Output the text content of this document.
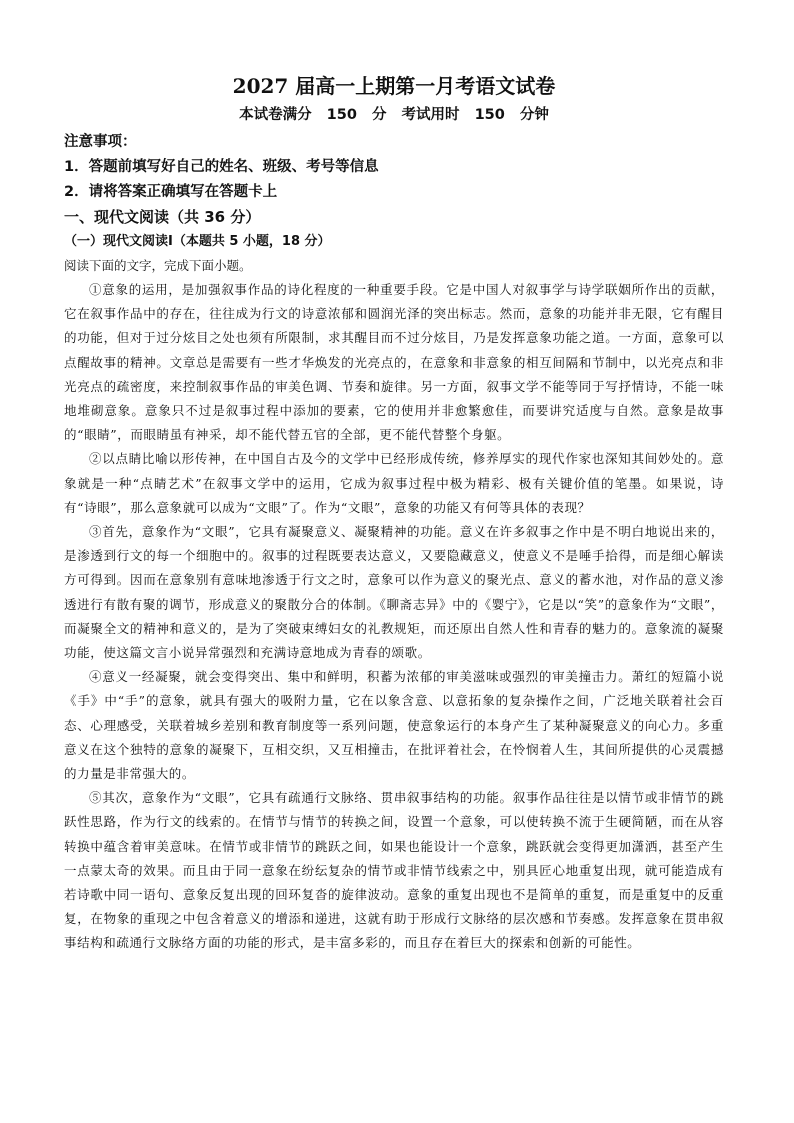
2027 届高一上期第一月考语文试卷
本试卷满分 150 分 考试用时 150 分钟
注意事项：
1．答题前填写好自己的姓名、班级、考号等信息
2．请将答案正确填写在答题卡上
一、现代文阅读（共 36 分）
（一）现代文阅读Ⅰ（本题共 5 小题，18 分）

阅读下面的文字，完成下面小题。

①意象的运用，是加强叙事作品的诗化程度的一种重要手段。它是中国人对叙事学与诗学联姻所作出的贡献，它在叙事作品中的存在，往往成为行文的诗意浓郁和圆润光泽的突出标志。然而，意象的功能并非无限，它有醒目的功能，但对于过分炫目之处也须有所限制，求其醒目而不过分炫目，乃是发挥意象功能之道。一方面，意象可以点醒故事的精神。文章总是需要有一些才华焕发的光亮点的，在意象和非意象的相互间隔和节制中，以光亮点和非光亮点的疏密度，来控制叙事作品的审美色调、节奏和旋律。另一方面，叙事文学不能等同于写抒情诗，不能一味地堆砌意象。意象只不过是叙事过程中添加的要素，它的使用并非愈繁愈佳，而要讲究适度与自然。意象是故事的“眼睛”，而眼睛虽有神采，却不能代替五官的全部，更不能代替整个身躯。

②以点睛比喻以形传神，在中国自古及今的文学中已经形成传统，修养厚实的现代作家也深知其间妙处的。意象就是一种“点睛艺术”在叙事文学中的运用，它成为叙事过程中极为精彩、极有关键价值的笔墨。如果说，诗有“诗眼”，那么意象就可以成为“文眼”了。作为“文眼”，意象的功能又有何等具体的表现？

③首先，意象作为“文眼”，它具有凝聚意义、凝聚精神的功能。意义在许多叙事之作中是不明白地说出来的，是渗透到行文的每一个细胞中的。叙事的过程既要表达意义，又要隐藏意义，使意义不是唾手拾得，而是细心解读方可得到。因而在意象别有意味地渗透于行文之时，意象可以作为意义的聚光点、意义的蓄水池，对作品的意义渗透进行有散有聚的调节，形成意义的聚散分合的体制。《聊斋志异》中的《婴宁》，它是以“笑”的意象作为“文眼”，而凝聚全文的精神和意义的，是为了突破束缚妇女的礼教规矩，而还原出自然人性和青春的魅力的。意象流的凝聚功能，使这篇文言小说异常强烈和充满诗意地成为青春的颂歌。

④意义一经凝聚，就会变得突出、集中和鲜明，积蓄为浓郁的审美滋味或强烈的审美撞击力。萧红的短篇小说《手》中“手”的意象，就具有强大的吸附力量，它在以象含意、以意拓象的复杂操作之间，广泛地关联着社会百态、心理感受，关联着城乡差别和教育制度等一系列问题，使意象运行的本身产生了某种凝聚意义的向心力。多重意义在这个独特的意象的凝聚下，互相交织，又互相撞击，在批评着社会，在怜悯着人生，其间所提供的心灵震撼的力量是非常强大的。

⑤其次，意象作为“文眼”，它具有疏通行文脉络、贯串叙事结构的功能。叙事作品往往是以情节或非情节的跳跃性思路，作为行文的线索的。在情节与情节的转换之间，设置一个意象，可以使转换不流于生硬简陋，而在从容转换中蕴含着审美意味。在情节或非情节的跳跃之间，如果也能设计一个意象，跳跃就会变得更加潇洒，甚至产生一点蒙太奇的效果。而且由于同一意象在纷纭复杂的情节或非情节线索之中，别具匠心地重复出现，就可能造成有若诗歌中同一语句、意象反复出现的回环复沓的旋律波动。意象的重复出现也不是简单的重复，而是重复中的反重复，在物象的重现之中包含着意义的增添和递进，这就有助于形成行文脉络的层次感和节奏感。发挥意象在贯串叙事结构和疏通行文脉络方面的功能的形式，是丰富多彩的，而且存在着巨大的探索和创新的可能性。
